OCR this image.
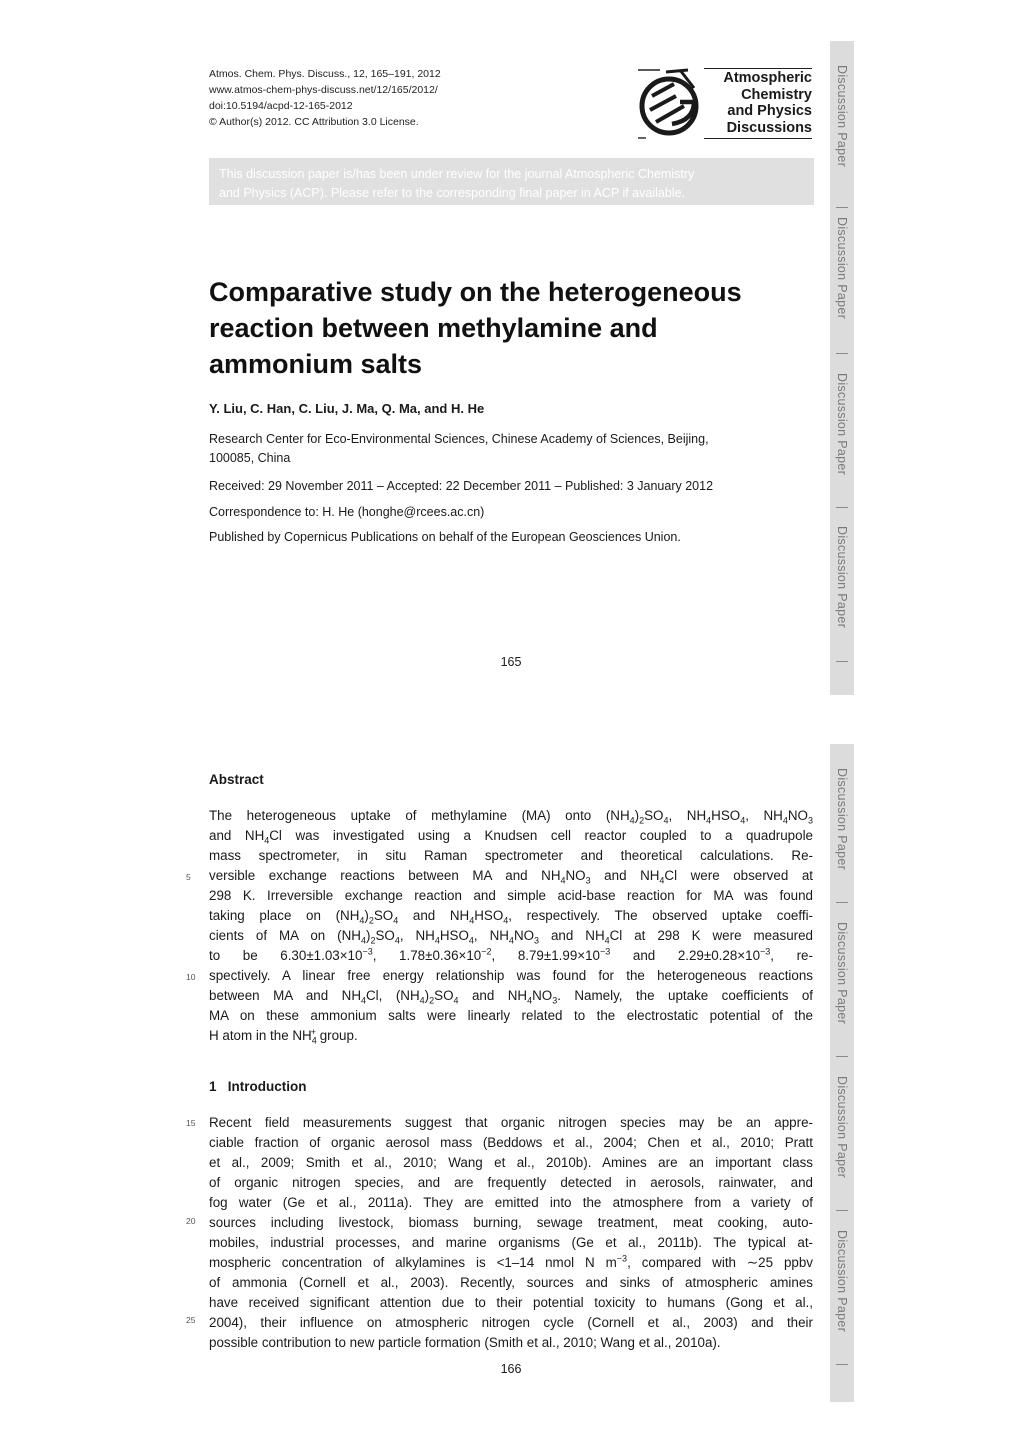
Atmos. Chem. Phys. Discuss., 12, 165–191, 2012
www.atmos-chem-phys-discuss.net/12/165/2012/
doi:10.5194/acpd-12-165-2012
© Author(s) 2012. CC Attribution 3.0 License.
Atmospheric
Chemistry
and Physics
Discussions

This discussion paper is/has been under review for the journal Atmospheric Chemistry
and Physics (ACP). Please refer to the corresponding final paper in ACP if available.

Comparative study on the heterogeneous
reaction between methylamine and
ammonium salts
Y. Liu, C. Han, C. Liu, J. Ma, Q. Ma, and H. He
Research Center for Eco-Environmental Sciences, Chinese Academy of Sciences, Beijing,
100085, China
Received: 29 November 2011 – Accepted: 22 December 2011 – Published: 3 January 2012
Correspondence to: H. He (honghe@rcees.ac.cn)
Published by Copernicus Publications on behalf of the European Geosciences Union.
165
Discussion Paper
Discussion Paper
Discussion Paper
Discussion Paper
Abstract
The heterogeneous uptake of methylamine (MA) onto $(NH_4)_2SO_4$, $NH_4HSO_4$, $NH_4NO_3$
and $NH_4Cl$ was investigated using a Knudsen cell reactor coupled to a quadrupole
mass spectrometer, in situ Raman spectrometer and theoretical calculations. Re-
versible exchange reactions between MA and $NH_4NO_3$ and $NH_4Cl$ were observed at
298 K. Irreversible exchange reaction and simple acid-base reaction for MA was found
taking place on $(NH_4)_2SO_4$ and $NH_4HSO_4$, respectively. The observed uptake coeffi-
cients of MA on $(NH_4)_2SO_4$, $NH_4HSO_4$, $NH_4NO_3$ and $NH_4Cl$ at 298 K were measured
to be $6.30\pm 1.03\times 10^{-3}$, $1.78\pm 0.36\times 10^{-2}$, $8.79\pm 1.99\times 10^{-3}$ and $2.29\pm 0.28\times 10^{-3}$, re-
spectively. A linear free energy relationship was found for the heterogeneous reactions
between MA and $NH_4Cl$, $(NH_4)_2SO_4$ and $NH_4NO_3$. Namely, the uptake coefficients of
MA on these ammonium salts were linearly related to the electrostatic potential of the
H atom in the $NH_4^+$ group.
5
10
1 Introduction
Recent field measurements suggest that organic nitrogen species may be an appre-
ciable fraction of organic aerosol mass (Beddows et al., 2004; Chen et al., 2010; Pratt
et al., 2009; Smith et al., 2010; Wang et al., 2010b). Amines are an important class
of organic nitrogen species, and are frequently detected in aerosols, rainwater, and
fog water (Ge et al., 2011a). They are emitted into the atmosphere from a variety of
sources including livestock, biomass burning, sewage treatment, meat cooking, auto-
mobiles, industrial processes, and marine organisms (Ge et al., 2011b). The typical at-
mospheric concentration of alkylamines is <1–14 nmol N $m^{-3}$, compared with ∼25 ppbv
of ammonia (Cornell et al., 2003). Recently, sources and sinks of atmospheric amines
have received significant attention due to their potential toxicity to humans (Gong et al.,
2004), their influence on atmospheric nitrogen cycle (Cornell et al., 2003) and their
possible contribution to new particle formation (Smith et al., 2010; Wang et al., 2010a).
15
20
25
166
Discussion Paper
Discussion Paper
Discussion Paper
Discussion Paper
